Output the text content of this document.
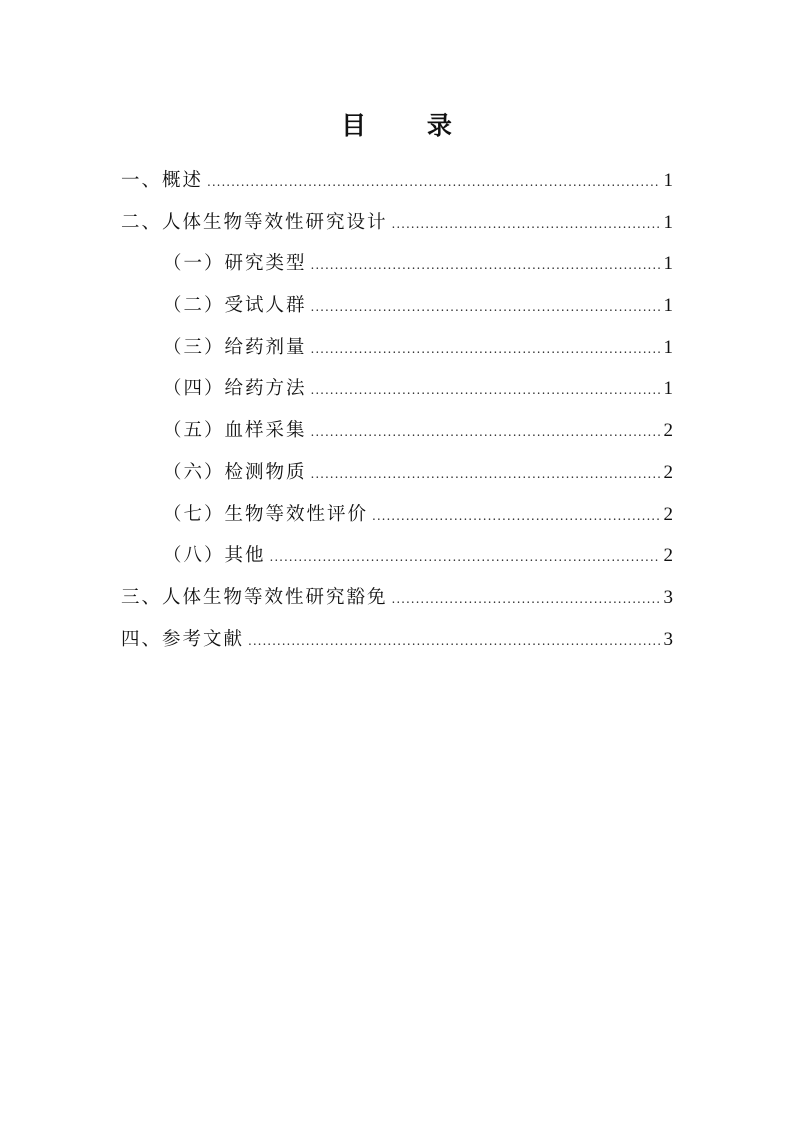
目 录
一、概述 .....	1
二、人体生物等效性研究设计 .....	1
（一）研究类型 .....	1
（二）受试人群 .....	1
（三）给药剂量 .....	1
（四）给药方法 .....	1
（五）血样采集 .....	2
（六）检测物质 .....	2
（七）生物等效性评价 .....	2
（八）其他 .....	2
三、人体生物等效性研究豁免 .....	3
四、参考文献 .....	3
